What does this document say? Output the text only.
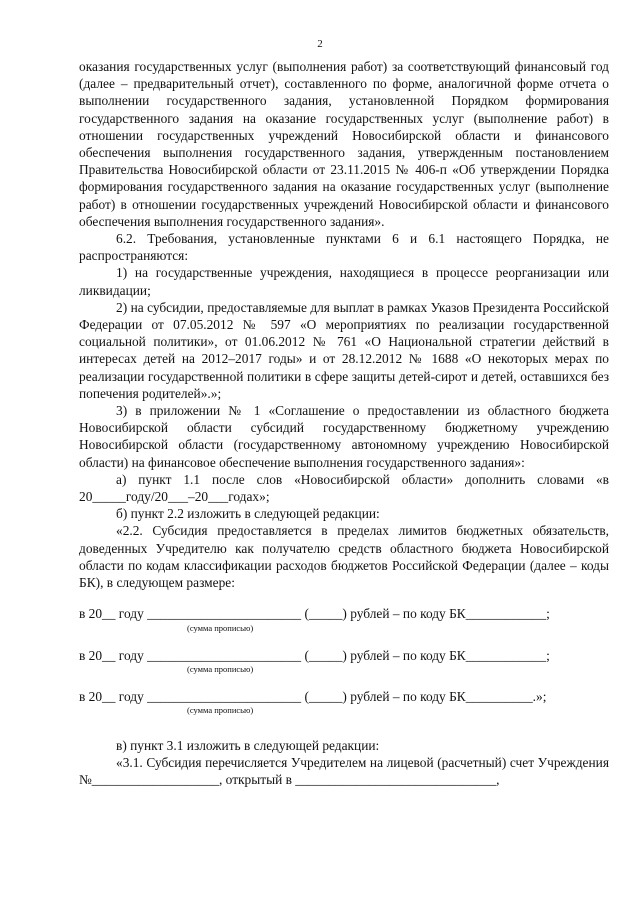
2

оказания государственных услуг (выполнения работ) за соответствующий финансовый год (далее – предварительный отчет), составленного по форме, аналогичной форме отчета о выполнении государственного задания, установленной Порядком формирования государственного задания на оказание государственных услуг (выполнение работ) в отношении государственных учреждений Новосибирской области и финансового обеспечения выполнения государственного задания, утвержденным постановлением Правительства Новосибирской области от 23.11.2015 № 406-п «Об утверждении Порядка формирования государственного задания на оказание государственных услуг (выполнение работ) в отношении государственных учреждений Новосибирской области и финансового обеспечения выполнения государственного задания».

6.2. Требования, установленные пунктами 6 и 6.1 настоящего Порядка, не распространяются:

1) на государственные учреждения, находящиеся в процессе реорганизации или ликвидации;

2) на субсидии, предоставляемые для выплат в рамках Указов Президента Российской Федерации от 07.05.2012 № 597 «О мероприятиях по реализации государственной социальной политики», от 01.06.2012 № 761 «О Национальной стратегии действий в интересах детей на 2012–2017 годы» и от 28.12.2012 № 1688 «О некоторых мерах по реализации государственной политики в сфере защиты детей-сирот и детей, оставшихся без попечения родителей».»;

3) в приложении № 1 «Соглашение о предоставлении из областного бюджета Новосибирской области субсидий государственному бюджетному учреждению Новосибирской области (государственному автономному учреждению Новосибирской области) на финансовое обеспечение выполнения государственного задания»:

а) пункт 1.1 после слов «Новосибирской области» дополнить словами «в 20_____году/20___–20___годах»;

б) пункт 2.2 изложить в следующей редакции:

«2.2. Субсидия предоставляется в пределах лимитов бюджетных обязательств, доведенных Учредителю как получателю средств областного бюджета Новосибирской области по кодам классификации расходов бюджетов Российской Федерации (далее – коды БК), в следующем размере:

в 20__ году _______________________ (_____) рублей – по коду БК____________;

(сумма прописью)

в 20__ году _______________________ (_____) рублей – по коду БК____________;

(сумма прописью)

в 20__ году _______________________ (_____) рублей – по коду БК__________.»;

(сумма прописью)

в) пункт 3.1 изложить в следующей редакции:

«3.1. Субсидия перечисляется Учредителем на лицевой (расчетный) счет Учреждения №___________________, открытый в ______________________________,
